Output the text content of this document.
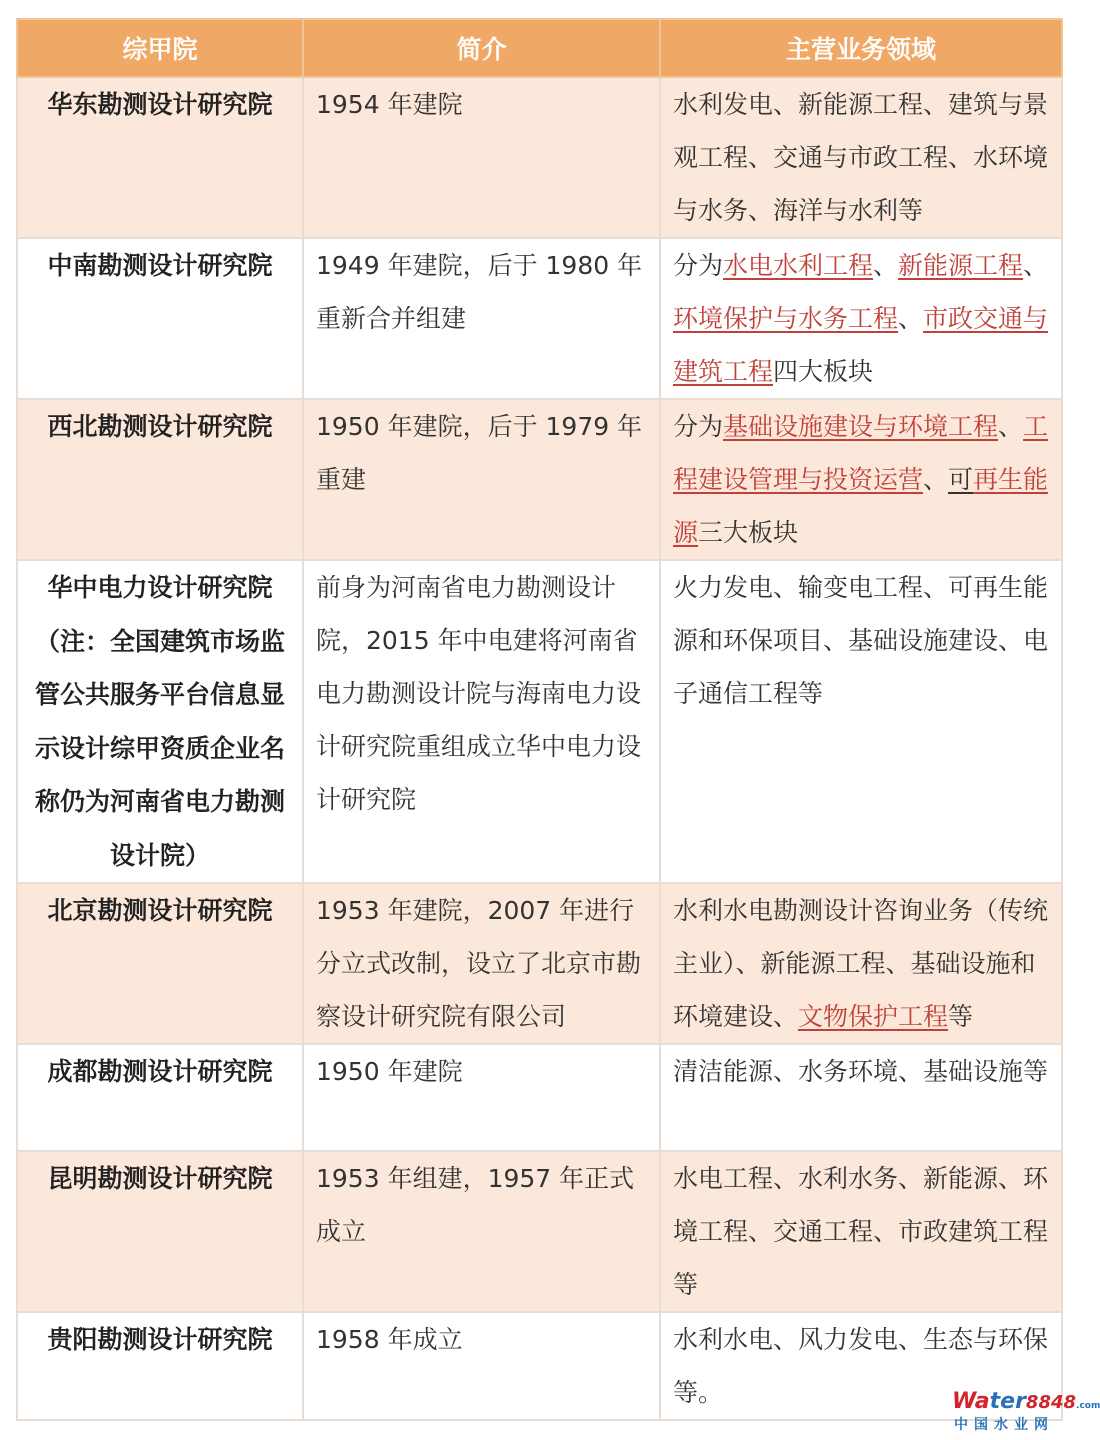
综甲院	简介	主营业务领域
华东勘测设计研究院	1954 年建院	水利发电、新能源工程、建筑与景观工程、交通与市政工程、水环境与水务、海洋与水利等
中南勘测设计研究院	1949 年建院，后于 1980 年重新合并组建	分为水电水利工程、新能源工程、环境保护与水务工程、市政交通与建筑工程四大板块
西北勘测设计研究院	1950 年建院，后于 1979 年重建	分为基础设施建设与环境工程、工程建设管理与投资运营、可再生能源三大板块
华中电力设计研究院（注：全国建筑市场监管公共服务平台信息显示设计综甲资质企业名称仍为河南省电力勘测设计院）	前身为河南省电力勘测设计院，2015 年中电建将河南省电力勘测设计院与海南电力设计研究院重组成立华中电力设计研究院	火力发电、输变电工程、可再生能源和环保项目、基础设施建设、电子通信工程等
北京勘测设计研究院	1953 年建院，2007 年进行分立式改制，设立了北京市勘察设计研究院有限公司	水利水电勘测设计咨询业务（传统主业）、新能源工程、基础设施和环境建设、文物保护工程等
成都勘测设计研究院	1950 年建院	清洁能源、水务环境、基础设施等
昆明勘测设计研究院	1953 年组建，1957 年正式成立	水电工程、水利水务、新能源、环境工程、交通工程、市政建筑工程等
贵阳勘测设计研究院	1958 年成立	水利水电、风力发电、生态与环保等。	Water8848.com
中国水业网
